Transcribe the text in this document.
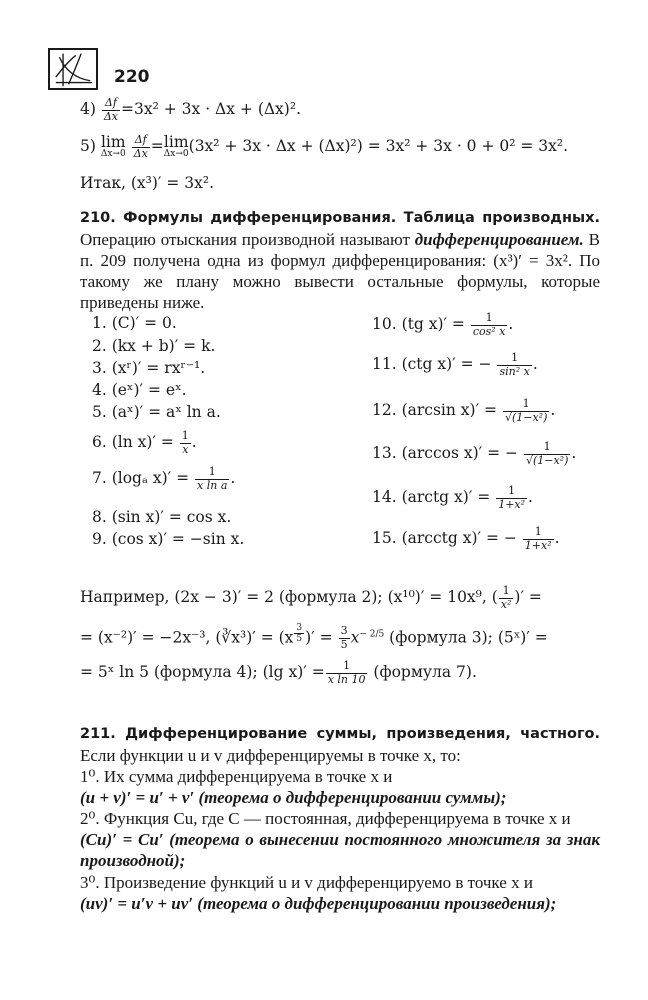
220
$4) \frac{\Delta f}{\Delta x} =3x^2 + 3x \cdot \Delta x + (\Delta x)^2$.
5) lim
Δx→0
$\frac{\Delta f}{\Delta x} =\lim$
Δx→0 (3x² + 3x · Δx + (Δx)²) = 3x² + 3x · 0 + 0² = 3x².
Итак, (x³)′ = 3x².
210. Формулы дифференцирования. Таблица производных. Операцию отыскания производной называют дифференцированием. В п. 209 получена одна из формул дифференцирования: (x³)′ = 3x². По такому же плану можно вывести остальные формулы, которые приведены ниже.
1. (C)′ = 0.
2. (kx + b)′ = k.
3. (xʳ)′ = rxʳ⁻¹.
4. (eˣ)′ = eˣ.
5. (aˣ)′ = aˣ ln a.
6. (ln $x)' = \frac{1}{x}$ .
7. (logₐ $x)' = \frac{1}{\text{x ln a}}$ .
8. (sin x)′ = cos x.
9. (cos x)′ = −sin x.
10. (tg $x)' = \frac{1}{\text{cos² x}}$ .
11. (ctg x)′ = − $\frac{1}{\text{sin² x}}$ .
12. (arcsin $x)' = \frac{1}{\text{√(1−x²)}}$ .
13. (arccos x)′ = − $\frac{1}{\text{√(1−x²)}}$ .
14. (arctg $x)' = \frac{1}{\text{1+x²}}$ .
15. (arcctg x)′ = − $\frac{1}{\text{1+x²}}$ .
Например, (2x − 3)′ = 2 (формула 2); (x¹⁰)′ = 10x⁹, ( $\frac{1}{\text{x²}}$ )′ =
= (x⁻²)′ = −2x⁻³, (∛x³)′ = (x $^{\frac{3}{5}}$ )′ = $\frac{3}{5} x^{- 2/5}$ (формула 3); (5ˣ)′ =
= 5ˣ ln 5 (формула 4); (lg $x)' = \frac{1}{\text{x ln 10}}$ (формула 7).
211. Дифференцирование суммы, произведения, частного. Если функции u и v дифференцируемы в точке x, то:
1⁰. Их сумма дифференцируема в точке x и
(u + v)′ = u′ + v′ (теорема о дифференцировании суммы);
2⁰. Функция Cu, где C — постоянная, дифференцируема в точке x и
(Cu)′ = Cu′ (теорема о вынесении постоянного множителя за знак производной);
3⁰. Произведение функций u и v дифференцируемо в точке x и
(uv)′ = u′v + uv′ (теорема о дифференцировании произведения);
